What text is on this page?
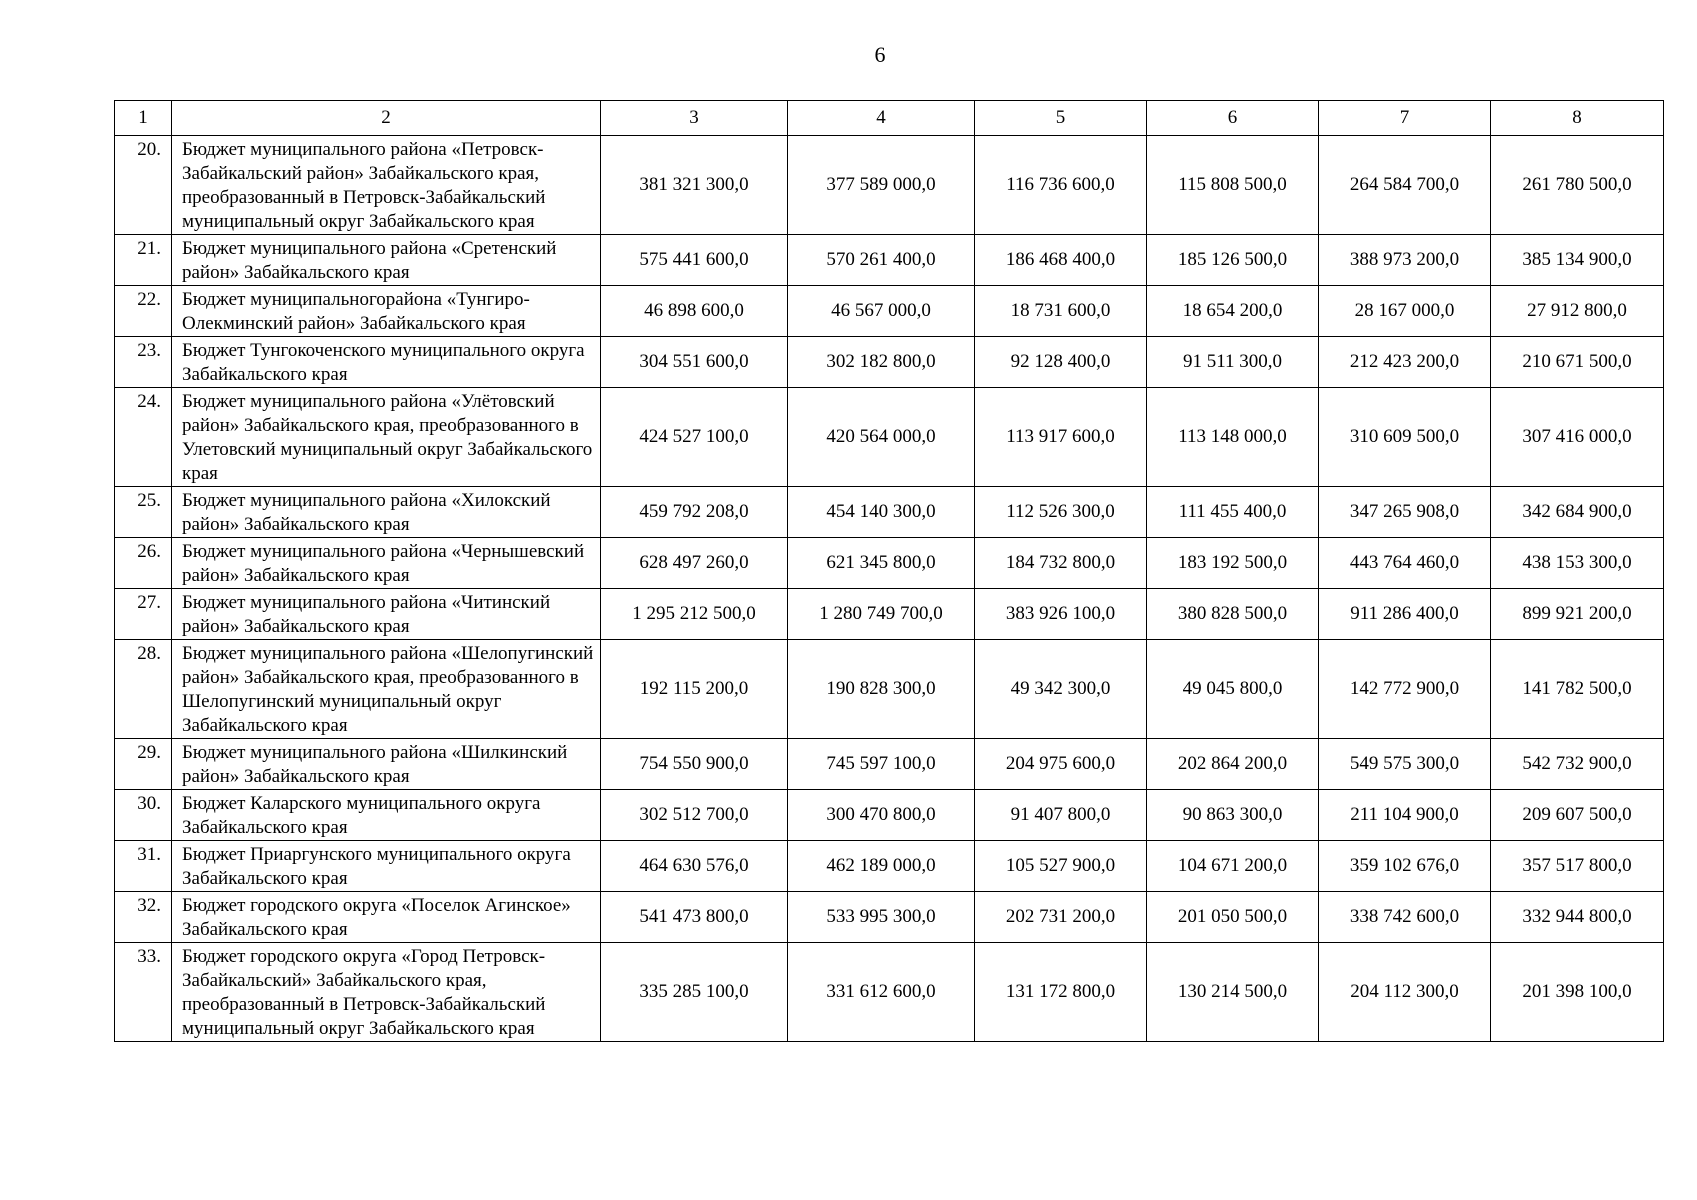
6
1	2	3	4	5	6	7	8
20.	Бюджет муниципального района «Петровск- Забайкальский район» Забайкальского края, преобразованный в Петровск-Забайкальский муниципальный округ Забайкальского края	381 321 300,0	377 589 000,0	116 736 600,0	115 808 500,0	264 584 700,0	261 780 500,0
21.	Бюджет муниципального района «Сретенский район» Забайкальского края	575 441 600,0	570 261 400,0	186 468 400,0	185 126 500,0	388 973 200,0	385 134 900,0
22.	Бюджет муниципальногорайона «Тунгиро-Олекминский район» Забайкальского края	46 898 600,0	46 567 000,0	18 731 600,0	18 654 200,0	28 167 000,0	27 912 800,0
23.	Бюджет Тунгокоченского муниципального округа Забайкальского края	304 551 600,0	302 182 800,0	92 128 400,0	91 511 300,0	212 423 200,0	210 671 500,0
24.	Бюджет муниципального района «Улётовский район» Забайкальского края, преобразованного в Улетовский муниципальный округ Забайкальского края	424 527 100,0	420 564 000,0	113 917 600,0	113 148 000,0	310 609 500,0	307 416 000,0
25.	Бюджет муниципального района «Хилокский район» Забайкальского края	459 792 208,0	454 140 300,0	112 526 300,0	111 455 400,0	347 265 908,0	342 684 900,0
26.	Бюджет муниципального района «Чернышевский район» Забайкальского края	628 497 260,0	621 345 800,0	184 732 800,0	183 192 500,0	443 764 460,0	438 153 300,0
27.	Бюджет муниципального района «Читинский район» Забайкальского края	1 295 212 500,0	1 280 749 700,0	383 926 100,0	380 828 500,0	911 286 400,0	899 921 200,0
28.	Бюджет муниципального района «Шелопугинский район» Забайкальского края, преобразованного в Шелопугинский муниципальный округ Забайкальского края	192 115 200,0	190 828 300,0	49 342 300,0	49 045 800,0	142 772 900,0	141 782 500,0
29.	Бюджет муниципального района «Шилкинский район» Забайкальского края	754 550 900,0	745 597 100,0	204 975 600,0	202 864 200,0	549 575 300,0	542 732 900,0
30.	Бюджет Каларского муниципального округа Забайкальского края	302 512 700,0	300 470 800,0	91 407 800,0	90 863 300,0	211 104 900,0	209 607 500,0
31.	Бюджет Приаргунского муниципального округа Забайкальского края	464 630 576,0	462 189 000,0	105 527 900,0	104 671 200,0	359 102 676,0	357 517 800,0
32.	Бюджет городского округа «Поселок Агинское» Забайкальского края	541 473 800,0	533 995 300,0	202 731 200,0	201 050 500,0	338 742 600,0	332 944 800,0
33.	Бюджет городского округа «Город Петровск- Забайкальский» Забайкальского края, преобразованный в Петровск-Забайкальский муниципальный округ Забайкальского края	335 285 100,0	331 612 600,0	131 172 800,0	130 214 500,0	204 112 300,0	201 398 100,0
